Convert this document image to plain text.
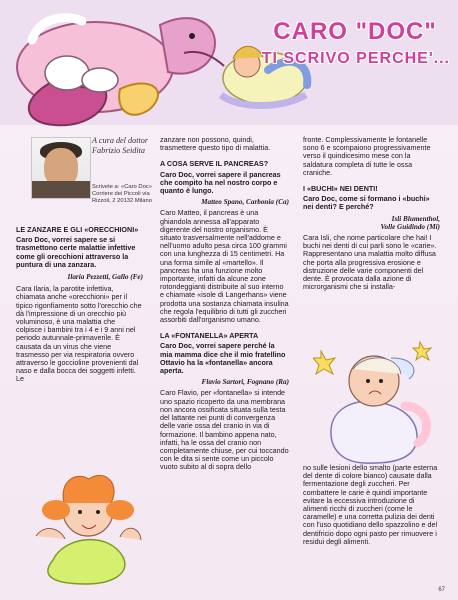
CARO "DOC"
TI SCRIVO PERCHE'...
A cura del dottor Fabrizio Seidita
Scrivete a: «Caro Doc» Corriere dei Piccoli via Rizzoli, 2 20132 Milano
LE ZANZARE E GLI «ORECCHIONI»
Caro Doc, vorrei sapere se si trasmettono certe malattie infettive come gli orecchioni attraverso la puntura di una zanzara.
Ilaria Pezzetti, Gallo (Fe)
Cara Ilaria, la parotite infettiva, chiamata anche «orecchioni» per il tipico rigonfiamento sotto l'orecchio che dà l'impressione di un orecchio più voluminoso, è una malattia che colpisce i bambini tra i 4 e i 9 anni nel periodo autunnale-primaverile. È causata da un virus che viene trasmesso per via respiratoria ovvero attraverso le goccioline provenienti dal naso e dalla bocca dei soggetti infetti. Le
zanzare non possono, quindi, trasmettere questo tipo di malattia.
A COSA SERVE IL PANCREAS?
Caro Doc, vorrei sapere il pancreas che compito ha nel nostro corpo e quanto è lungo.
Matteo Spano, Carbonia (Ca)
Caro Matteo, il pancreas è una ghiandola annessa all'apparato digerente del nostro organismo. È situato trasversalmente nell'addome e nell'uomo adulto pesa circa 100 grammi con una lunghezza di 15 centimetri. Ha una forma simile al «martello». Il pancreas ha una funzione molto importante, infatti da alcune zone rotondeggianti distribuite al suo interno e chiamate «isole di Langerhans» viene prodotta una sostanza chiamata insulina che regola l'equilibrio di tutti gli zuccheri assorbiti dall'organismo umano.
LA «FONTANELLA» APERTA
Caro Doc, vorrei sapere perché la mia mamma dice che il mio fratellino Ottavio ha la «fontanella» ancora aperta.
Flavio Sartori, Fognano (Ra)
Caro Flavio, per «fontanella» si intende uno spazio ricoperto da una membrana non ancora ossificata situata sulla testa del lattante nei punti di convergenza delle varie ossa del cranio in via di formazione. Il bambino appena nato, infatti, ha le ossa del cranio non completamente chiuse, per cui toccando con le dita si sente come un piccolo vuoto subito al di sopra dello
fronte. Complessivamente le fontanelle sono 6 e scompaiono progressivamente verso il quindicesimo mese con la saldatura completa di tutte le ossa craniche.
I «BUCHI» NEI DENTI!
Caro Doc, come si formano i «buchi» nei denti? E perché?
Isli Blumenthol,
Volle Guidindo (Mi)
Cara Isli, che nome particolare che hai! I buchi nei denti di cui parli sono le «carie». Rappresentano una malattia molto diffusa che porta alla progressiva erosione e distruzione delle varie componenti del dente. È provocata dalla azione di microrganismi che si installa-
no sulle lesioni dello smalto (parte esterna del dente di colore bianco) causate dalla fermentazione degli zuccheri. Per combattere le carie è quindi importante evitare la eccessiva introduzione di alimenti ricchi di zuccheri (come le caramelle) e una corretta pulizia dei denti con l'uso quotidiano dello spazzolino e del dentifricio dopo ogni pasto per rimuovere i residui degli alimenti.
67
